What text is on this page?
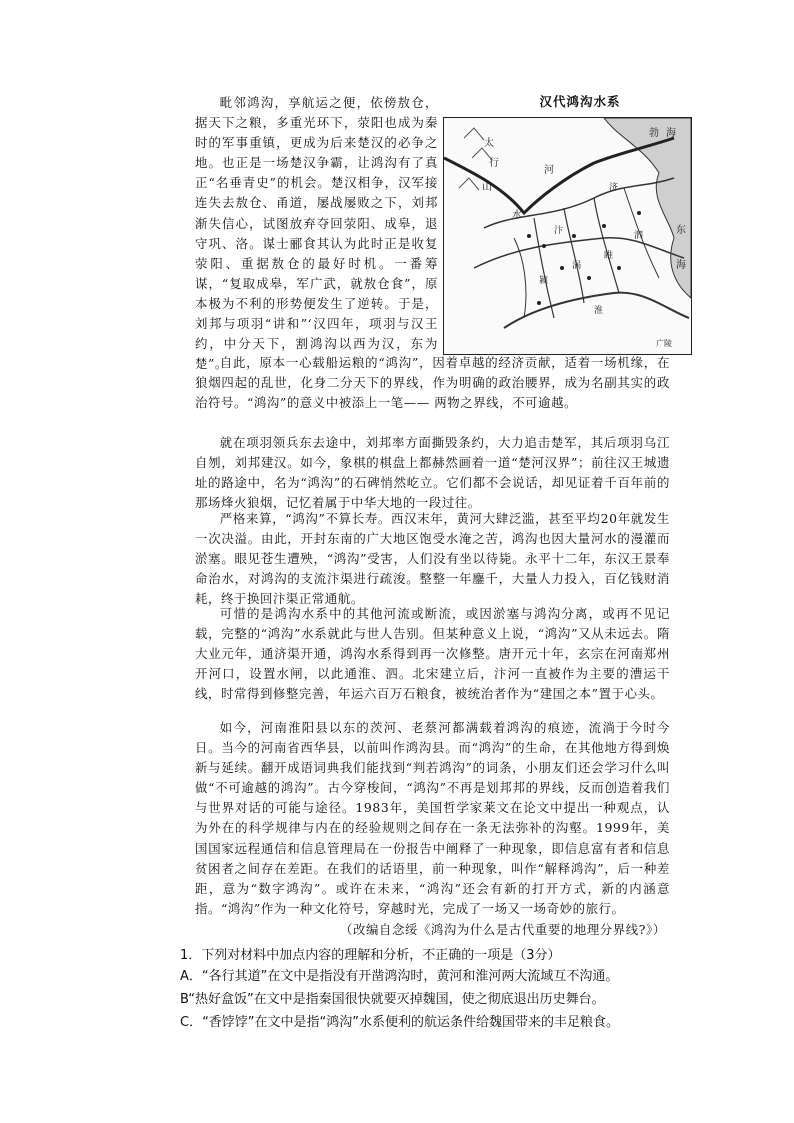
毗邻鸿沟，享航运之便，依傍敖仓，据天下之粮，多重光环下，荥阳也成为秦时的军事重镇，更成为后来楚汉的必争之地。也正是一场楚汉争霸，让鸿沟有了真正“名垂青史”的机会。楚汉相争，汉军接连失去敖仓、甬道，屡战屡败之下，刘邦渐失信心，试图放弃夺回荥阳、成皋，退守巩、洛。谋士郦食其认为此时正是收复荥阳、重据敖仓的最好时机。一番筹谋，“复取成皋，军广武，就敖仓食”，原本极为不利的形势便发生了逆转。于是，刘邦与项羽“讲和”‘汉四年，项羽与汉王约，中分天下，割鸿沟以西为汉，东为楚”。
汉代鸿沟水系
太
行
山
河
水
勃 海
东
海
济
汴
淮
泗
颍
睢
涡
广陵
自此，原本一心载船运粮的“鸿沟”，因着卓越的经济贡献，适着一场机缘，在狼烟四起的乱世，化身二分天下的界线，作为明确的政治腰界，成为名副其实的政治符号。“鸿沟”的意义中被添上一笔—— 两物之界线，不可逾越。
就在项羽领兵东去途中，刘邦率方面撕毁条约，大力追击楚军，其后项羽乌江自刎，刘邦建汉。如今，象棋的棋盘上都赫然画着一道“楚河汉界”；前往汉王城遗址的路途中，名为“鸿沟”的石碑悄然屹立。它们都不会说话，却见证着千百年前的那场烽火狼烟，记忆着属于中华大地的一段过往。
严格来算，“鸿沟”不算长寿。西汉末年，黄河大肆泛滥，甚至平均20年就发生一次决溢。由此，开封东南的广大地区饱受水淹之苦，鸿沟也因大量河水的漫灌而淤塞。眼见苍生遭殃，“鸿沟”受害，人们没有坐以待毙。永平十二年，东汉王景奉命治水，对鸿沟的支流汴渠进行疏浚。整整一年鏖千，大量人力投入，百亿钱财消耗，终于换回汴渠正常通航。
可惜的是鸿沟水系中的其他河流或断流，或因淤塞与鸿沟分离，或再不见记载，完整的“鸿沟”水系就此与世人告别。但某种意义上说，“鸿沟”又从未远去。隋大业元年，通济渠开通，鸿沟水系得到再一次修整。唐开元十年，玄宗在河南郑州开河口，设置水闸，以此通淮、泗。北宋建立后，汴河一直被作为主要的漕运干线，时常得到修整完善，年运六百万石粮食，被统治者作为“建国之本”置于心头。
如今，河南淮阳县以东的茨河、老蔡河都满载着鸿沟的痕迹，流淌于今时今日。当今的河南省西华县，以前叫作鸿沟县。而“鸿沟”的生命，在其他地方得到焕新与延续。翻开成语词典我们能找到“判若鸿沟”的词条，小朋友们还会学习什么叫做“不可逾越的鸿沟”。古今穿梭间，“鸿沟”不再是划邦邦的界线，反而创造着我们与世界对话的可能与途径。1983年，美国哲学家莱文在论文中提出一种观点，认为外在的科学规律与内在的经验规则之间存在一条无法弥补的沟壑。1999年，美国国家远程通信和信息管理局在一份报告中阐释了一种现象，即信息富有者和信息贫困者之间存在差距。在我们的话语里，前一种现象，叫作“解释鸿沟”，后一种差距，意为“数字鸿沟”。或许在未来，“鸿沟”还会有新的打开方式，新的内涵意指。“鸿沟”作为一种文化符号，穿越时光，完成了一场又一场奇妙的旅行。
（改编自念绥《鸿沟为什么是古代重要的地理分界线?》）
1．下列对材料中加点内容的理解和分析，不正确的一项是（3分）
A．“各行其道”在文中是指没有开凿鸿沟时，黄河和淮河两大流域互不沟通。
B“热好盒饭”在文中是指秦国很快就要灭掉魏国，使之彻底退出历史舞台。
C．“香饽饽”在文中是指“鸿沟”水系便利的航运条件给魏国带来的丰足粮食。
